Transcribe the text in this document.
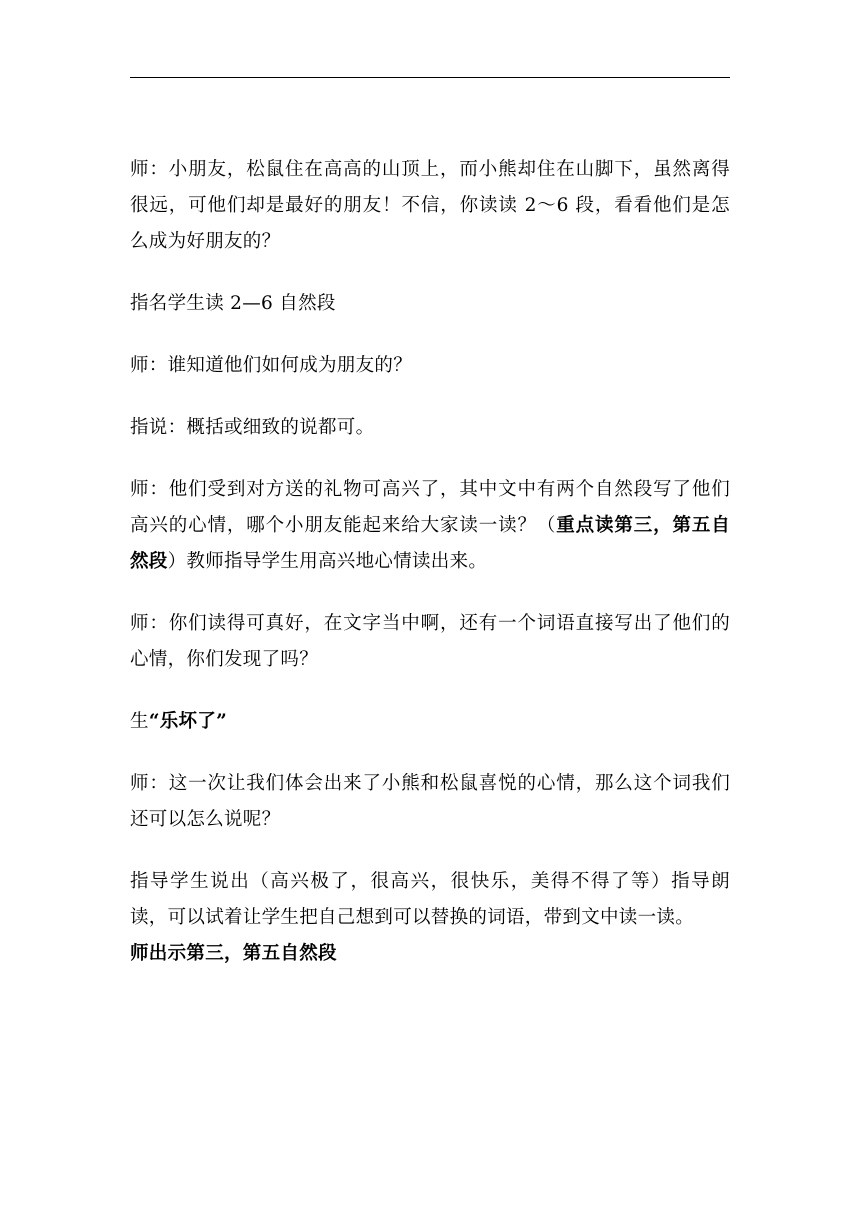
师：小朋友，松鼠住在高高的山顶上，而小熊却住在山脚下，虽然离得很远，可他们却是最好的朋友！不信，你读读 2～6 段，看看他们是怎么成为好朋友的？

指名学生读 2—6 自然段

师：谁知道他们如何成为朋友的？

指说：概括或细致的说都可。

师：他们受到对方送的礼物可高兴了，其中文中有两个自然段写了他们高兴的心情，哪个小朋友能起来给大家读一读？（重点读第三，第五自然段）教师指导学生用高兴地心情读出来。

师：你们读得可真好，在文字当中啊，还有一个词语直接写出了他们的心情，你们发现了吗？

生“乐坏了”

师：这一次让我们体会出来了小熊和松鼠喜悦的心情，那么这个词我们还可以怎么说呢？

指导学生说出（高兴极了，很高兴，很快乐，美得不得了等）指导朗读，可以试着让学生把自己想到可以替换的词语，带到文中读一读。

师出示第三，第五自然段
